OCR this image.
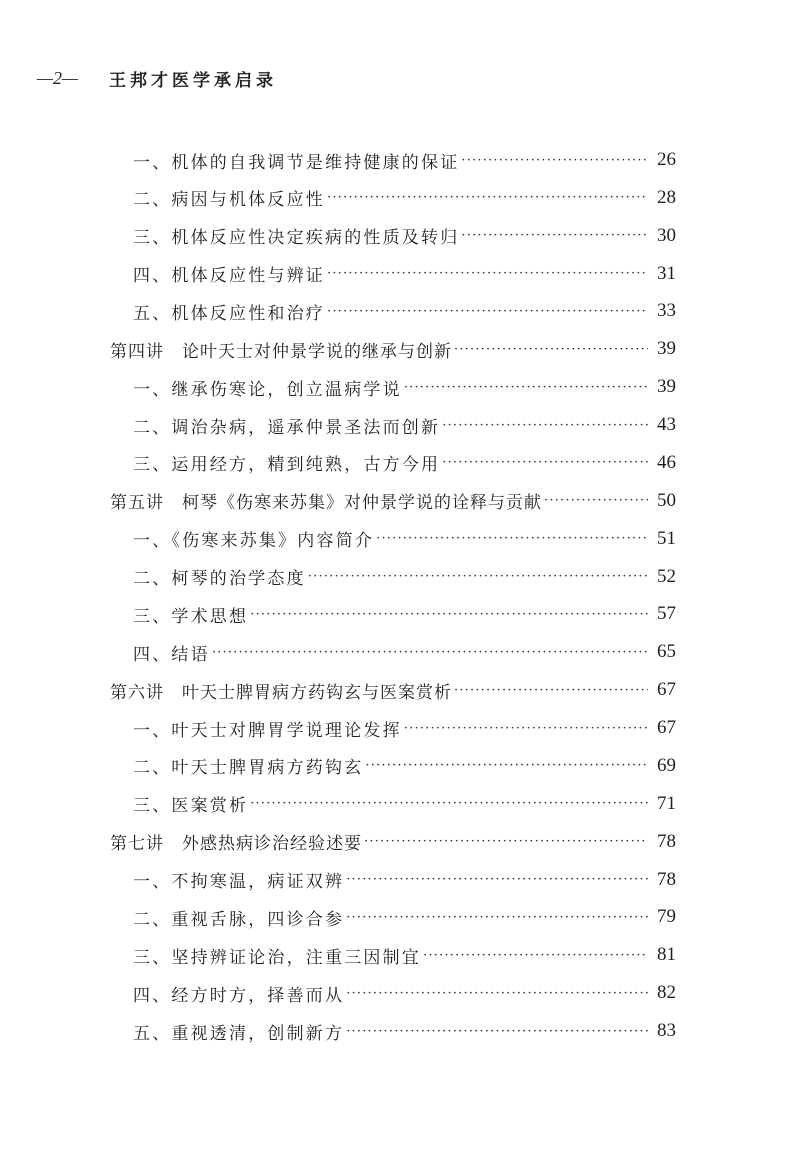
—2—	王邦才医学承启录
一、机体的自我调节是维持健康的保证 ·····	26
二、病因与机体反应性 ·····	28
三、机体反应性决定疾病的性质及转归 ·····	30
四、机体反应性与辨证 ·····	31
五、机体反应性和治疗 ·····	33
第四讲　论叶天士对仲景学说的继承与创新 ·····	39
一、继承伤寒论，创立温病学说 ·····	39
二、调治杂病，遥承仲景圣法而创新 ·····	43
三、运用经方，精到纯熟，古方今用 ·····	46
第五讲　柯琴《伤寒来苏集》对仲景学说的诠释与贡献 ·····	50
一、《伤寒来苏集》内容简介 ·····	51
二、柯琴的治学态度 ·····	52
三、学术思想 ·····	57
四、结语 ·····	65
第六讲　叶天士脾胃病方药钩玄与医案赏析 ·····	67
一、叶天士对脾胃学说理论发挥 ·····	67
二、叶天士脾胃病方药钩玄 ·····	69
三、医案赏析 ·····	71
第七讲　外感热病诊治经验述要 ·····	78
一、不拘寒温，病证双辨 ·····	78
二、重视舌脉，四诊合参 ·····	79
三、坚持辨证论治，注重三因制宜 ·····	81
四、经方时方，择善而从 ·····	82
五、重视透清，创制新方 ·····	83
